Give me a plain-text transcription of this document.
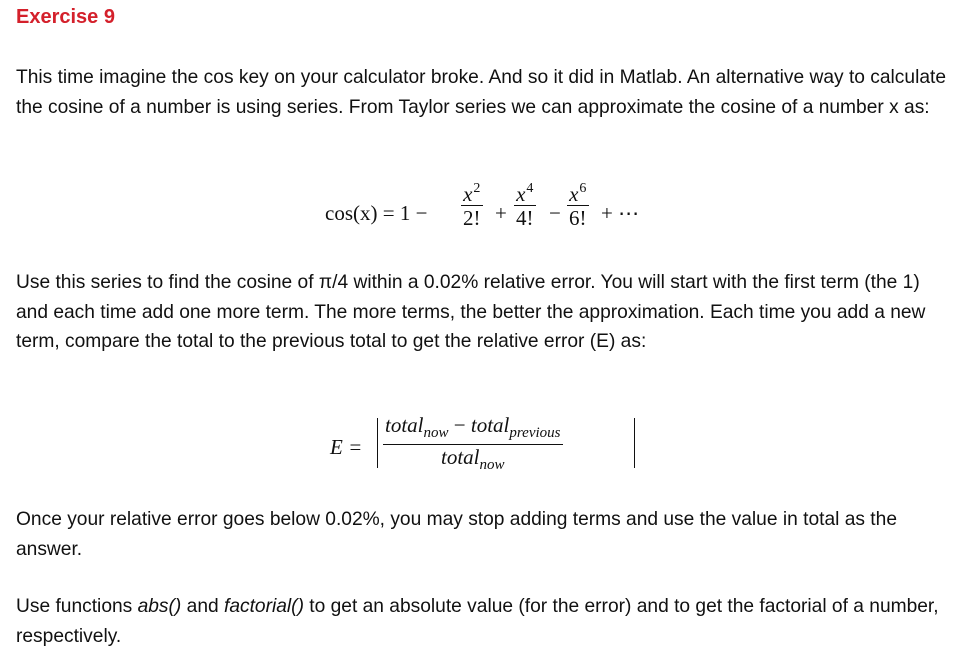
Exercise 9

This time imagine the cos key on your calculator broke. And so it did in Matlab. An alternative way to calculate the cosine of a number is using series. From Taylor series we can approximate the cosine of a number x as:

cos(x) = 1 −
$x^2$
2! +
$x^4$
4! −
$x^6$
6! + ⋯

Use this series to find the cosine of π/4 within a 0.02% relative error. You will start with the first term (the 1) and each time add one more term. The more terms, the better the approximation. Each time you add a new term, compare the total to the previous total to get the relative error (E) as:

E =
total$_{now}$ − total$_{previous}$
total$_{now}$

Once your relative error goes below 0.02%, you may stop adding terms and use the value in total as the answer.

Use functions abs() and factorial() to get an absolute value (for the error) and to get the factorial of a number, respectively.
